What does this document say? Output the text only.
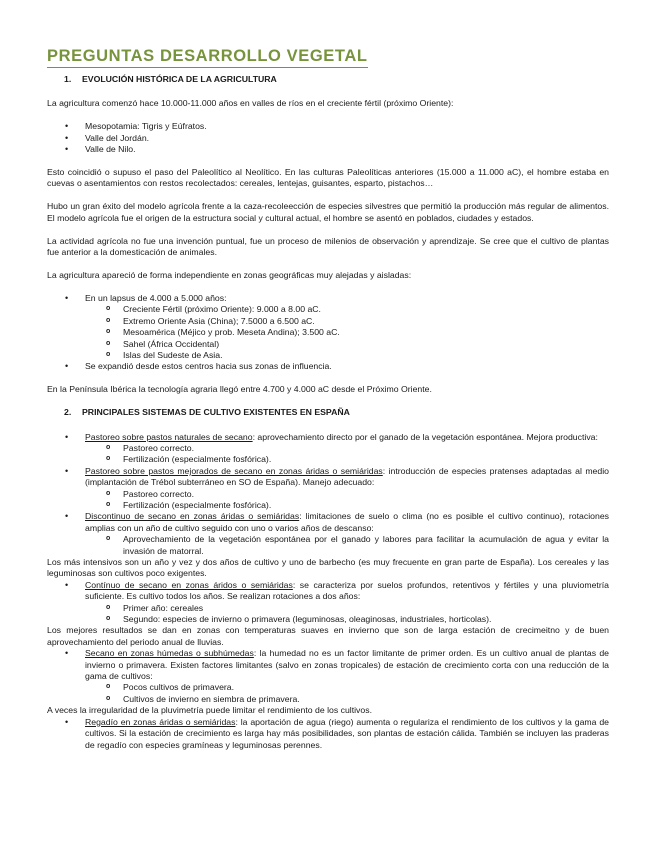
PREGUNTAS DESARROLLO VEGETAL
1. EVOLUCIÓN HISTÓRICA DE LA AGRICULTURA

La agricultura comenzó hace 10.000-11.000 años en valles de ríos en el creciente fértil (próximo Oriente):

• Mesopotamia: Tigris y Eúfratos.
• Valle del Jordán.
• Valle de Nilo.

Esto coincidió o supuso el paso del Paleolítico al Neolítico. En las culturas Paleolíticas anteriores (15.000 a 11.000 aC), el hombre estaba en cuevas o asentamientos con restos recolectados: cereales, lentejas, guisantes, esparto, pistachos…

Hubo un gran éxito del modelo agrícola frente a la caza-recoleección de especies silvestres que permitió la producción más regular de alimentos. El modelo agrícola fue el origen de la estructura social y cultural actual, el hombre se asentó en poblados, ciudades y estados.

La actividad agrícola no fue una invención puntual, fue un proceso de milenios de observación y aprendizaje. Se cree que el cultivo de plantas fue anterior a la domesticación de animales.

La agricultura apareció de forma independiente en zonas geográficas muy alejadas y aisladas:

• En un lapsus de 4.000 a 5.000 años:
o Creciente Fértil (próximo Oriente): 9.000 a 8.00 aC.
o Extremo Oriente Asia (China); 7.5000 a 6.500 aC.
o Mesoamérica (Méjico y prob. Meseta Andina); 3.500 aC.
o Sahel (África Occidental)
o Islas del Sudeste de Asia.
• Se expandió desde estos centros hacia sus zonas de influencia.

En la Península Ibérica la tecnología agraria llegó entre 4.700 y 4.000 aC desde el Próximo Oriente.

2. PRINCIPALES SISTEMAS DE CULTIVO EXISTENTES EN ESPAÑA
• Pastoreo sobre pastos naturales de secano: aprovechamiento directo por el ganado de la vegetación espontánea. Mejora productiva:
o Pastoreo correcto.
o Fertilización (especialmente fosfórica).
• Pastoreo sobre pastos mejorados de secano en zonas áridas o semiáridas: introducción de especies pratenses adaptadas al medio (implantación de Trébol subterráneo en SO de España). Manejo adecuado:
o Pastoreo correcto.
o Fertilización (especialmente fosfórica).
• Discontinuo de secano en zonas áridas o semiáridas: limitaciones de suelo o clima (no es posible el cultivo continuo), rotaciones amplias con un año de cultivo seguido con uno o varios años de descanso:
o Aprovechamiento de la vegetación espontánea por el ganado y labores para facilitar la acumulación de agua y evitar la invasión de matorral.
Los más intensivos son un año y vez y dos años de cultivo y uno de barbecho (es muy frecuente en gran parte de España). Los cereales y las leguminosas son cultivos poco exigentes.
• Contínuo de secano en zonas áridos o semiáridas: se caracteriza por suelos profundos, retentivos y fértiles y una pluviometría suficiente. Es cultivo todos los años. Se realizan rotaciones a dos años:
o Primer año: cereales
o Segundo: especies de invierno o primavera (leguminosas, oleaginosas, industriales, horticolas).
Los mejores resultados se dan en zonas con temperaturas suaves en invierno que son de larga estación de crecimeitno y de buen aprovechamiento del periodo anual de lluvias.
• Secano en zonas húmedas o subhúmedas: la humedad no es un factor limitante de primer orden. Es un cultivo anual de plantas de invierno o primavera. Existen factores limitantes (salvo en zonas tropicales) de estación de crecimiento corta con una reducción de la gama de cultivos:
o Pocos cultivos de primavera.
o Cultivos de invierno en siembra de primavera.
A veces la irregularidad de la pluvimetría puede limitar el rendimiento de los cultivos.
• Regadío en zonas áridas o semiáridas: la aportación de agua (riego) aumenta o regulariza el rendimiento de los cultivos y la gama de cultivos. Si la estación de crecimiento es larga hay más posibilidades, son plantas de estación cálida. También se incluyen las praderas de regadío con especies gramíneas y leguminosas perennes.
